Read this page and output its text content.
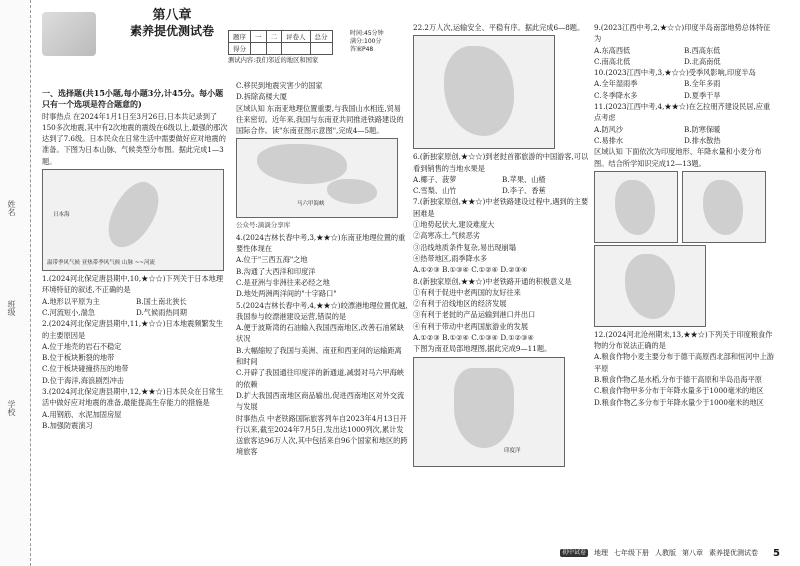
姓名
班级
学校
第八章
素养提优测试卷	题序	一	二	评卷人	总分
得分				
时间:45分钟
满分:100分
答案P48
测试内容:我们邻近的地区和国家

一、选择题(共15小题,每小题3分,计45分。每小题只有一个选项是符合题意的)

时事热点 在2024年1月1日至3月26日,日本共记录到了150多次地震,其中有2次地震的震级在6级以上,最强的那次达到了7.6级。日本民众在日常生活中需要做好应对地震的准备。下图为日本山脉、气候类型分布图。据此完成1—3题。

日本海
温带季风气候 亚热带季风气候 山脉 ~~河流

1.(2024河北保定唐县期中,10,★☆☆)下列关于日本地理环境特征的叙述,不正确的是

A.地形以平原为主	B.国土南北狭长
C.河流短小,湍急	D.气候雨热同期

2.(2024河北保定唐县期中,11,★☆☆)日本地震频繁发生的主要原因是

A.位于地壳的岩石不稳定

B.位于板块断裂的地带

C.位于板块碰撞挤压的地带

D.位于海洋,海浪剧烈冲击

3.(2024河北保定唐县期中,12,★★☆)日本民众在日常生活中做好应对地震的准备,最能提高生存能力的措施是

A.用钢筋、水泥加固房屋

B.加强防震演习

C.移民到地震灾害少的国家

D.拆除高楼大厦

区域认知 东南亚地理位置重要,与我国山水相连,贸易往来密切。近年来,我国与东南亚共同推进铁路建设的国际合作。读"东南亚图示意图",完成4—5题。

马六甲海峡

公众号:滴滴分享库

4.(2024吉林长春中考,3,★★☆)东南亚地理位置的重要性体现在

A.位于"三西五海"之地

B.沟通了大西洋和印度洋

C.是亚洲与非洲往来必经之地

D.地处两洲两洋间的"十字路口"

5.(2024吉林长春中考,4,★★☆)皎漂港地理位置优越,我国参与皎漂港建设运营,错误的是

A.便于波斯湾的石油输入我国西南地区,改善石油紧缺状况

B.大幅缩短了我国与美洲、南亚和西亚间的运输距离和时间

C.开辟了我国通往印度洋的新通道,减弱对马六甲海峡的依赖

D.扩大我国西南地区商品输出,促进西南地区对外交流与发展

时事热点 中老铁路国际旅客列车自2023年4月13日开行以来,截至2024年7月5日,发出达1000列次,累计发送旅客达96万人次,其中包括来自96个国家和地区的跨境旅客

22.2万人次,运输安全、平稳有序。据此完成6—8题。

6.(新独家原创,★☆☆)到老挝首都旅游的中国游客,可以看到销售的当地水果是

A.椰子、菠萝	B.苹果、山楂
C.雪梨、山竹	D.李子、香蕉

7.(新独家原创,★★☆)中老铁路建设过程中,遇到的主要困难是

①地势起伏大,建设难度大

②高寒冻土,气候恶劣

③沿线地质条件复杂,易出现崩塌

④热带地区,雨季降水多

A.①②③ B.①③④ C.①②④ D.②③④

8.(新独家原创,★★☆)中老铁路开通的积极意义是

①有利于促进中老两国的友好往来

②有利于沿线地区的经济发展

③有利于老挝的产品运输到港口并出口

④有利于带动中老两国旅游业的发展

A.①②③ B.①②④ C.①③④ D.①②③④

下图为南亚局部地理图,据此完成9—11题。

印度洋

9.(2023江西中考,2,★☆☆)印度半岛南部地势总体特征为

A.东高西低	B.西高东低
C.南高北低	D.北高南低

10.(2023江西中考,3,★☆☆)受季风影响,印度半岛

A.全年湿雨季	B.全年多雨
C.冬季降水多	D.夏季干旱

11.(2023江西中考,4,★★☆)在乞拉朋齐建设民居,应重点考虑

A.防风沙	B.防寒保暖
C.易排水	D.排水散热

区域认知 下面依次为印度地形、年降水量和小麦分布图。结合所学知识完成12—13题。

12.(2024河北沧州期末,13,★★☆)下列关于印度粮食作物的分布说法正确的是

A.粮食作物小麦主要分布于德干高原西北部和恒河中上游平原

B.粮食作物乙是水稻,分布于德干高原和半岛沿海平原

C.粮食作物甲多分布于年降水量多于1000毫米的地区

D.粮食作物乙多分布于年降水量少于1000毫米的地区

初中试卷 地理 七年级下册 人教版 第八章 素养提优测试卷 5
